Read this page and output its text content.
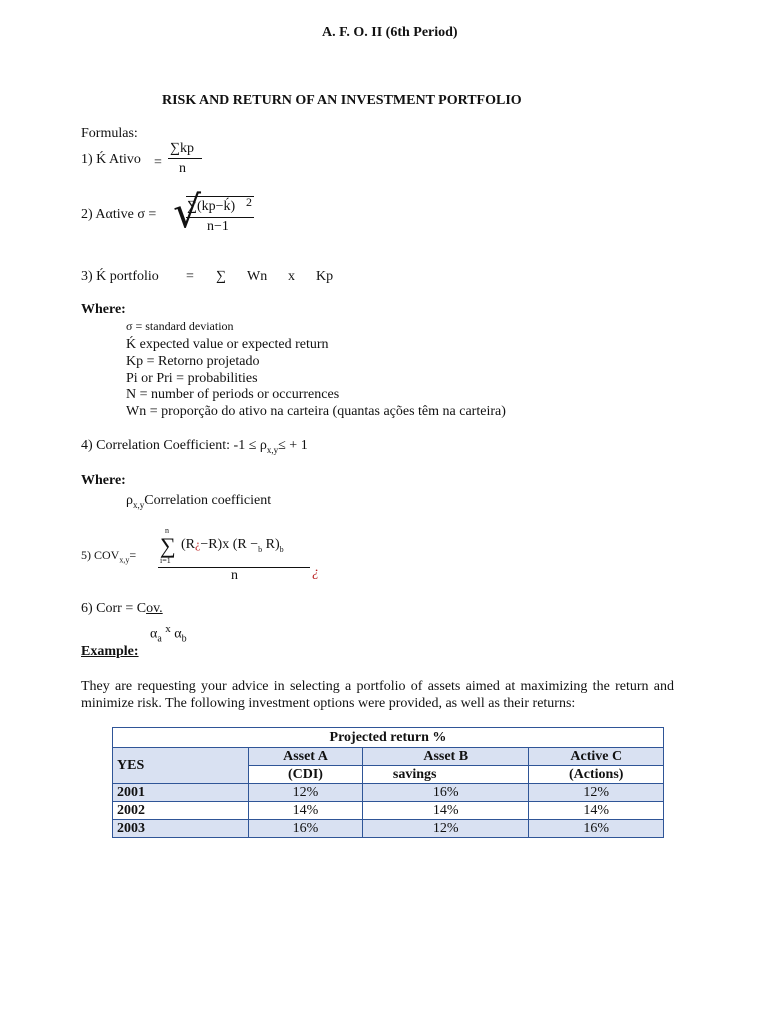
A. F. O. II (6th Period)
RISK AND RETURN OF AN INVESTMENT PORTFOLIO
Formulas:
1) Ḱ Ativo =
∑kp
n
2) Aαtive σ = √
∑(kp−ḱ) 2
n−1
3) Ḱ portfolio = ∑ Wn x Kp
Where:
σ = standard deviation
Ḱ expected value or expected return
Kp = Retorno projetado
Pi or Pri = probabilities
N = number of periods or occurrences
Wn = proporção do ativo na carteira (quantas ações têm na carteira)
4) Correlation Coefficient: $-1 \le \rho_{x,y}\le + 1$
Where:
$\rho_{x,y}Correlation$ coefficient
5) $COV_{x,y}=$
n
∑
i=1
(R¿−R)x ($R -_b$ $R)_b$
n	¿
6) Corr = Cov.
$\alpha_a$ $^x$ $\alpha_b$
Example:
They are requesting your advice in selecting a portfolio of assets aimed at maximizing the return and minimize risk. The following investment options were provided, as well as their returns:
Projected return %			
YES	Asset A	Asset B	Active C
	(CDI)	savings	(Actions)
2001	12%	16%	12%
2002	14%	14%	14%
2003	16%	12%	16%
